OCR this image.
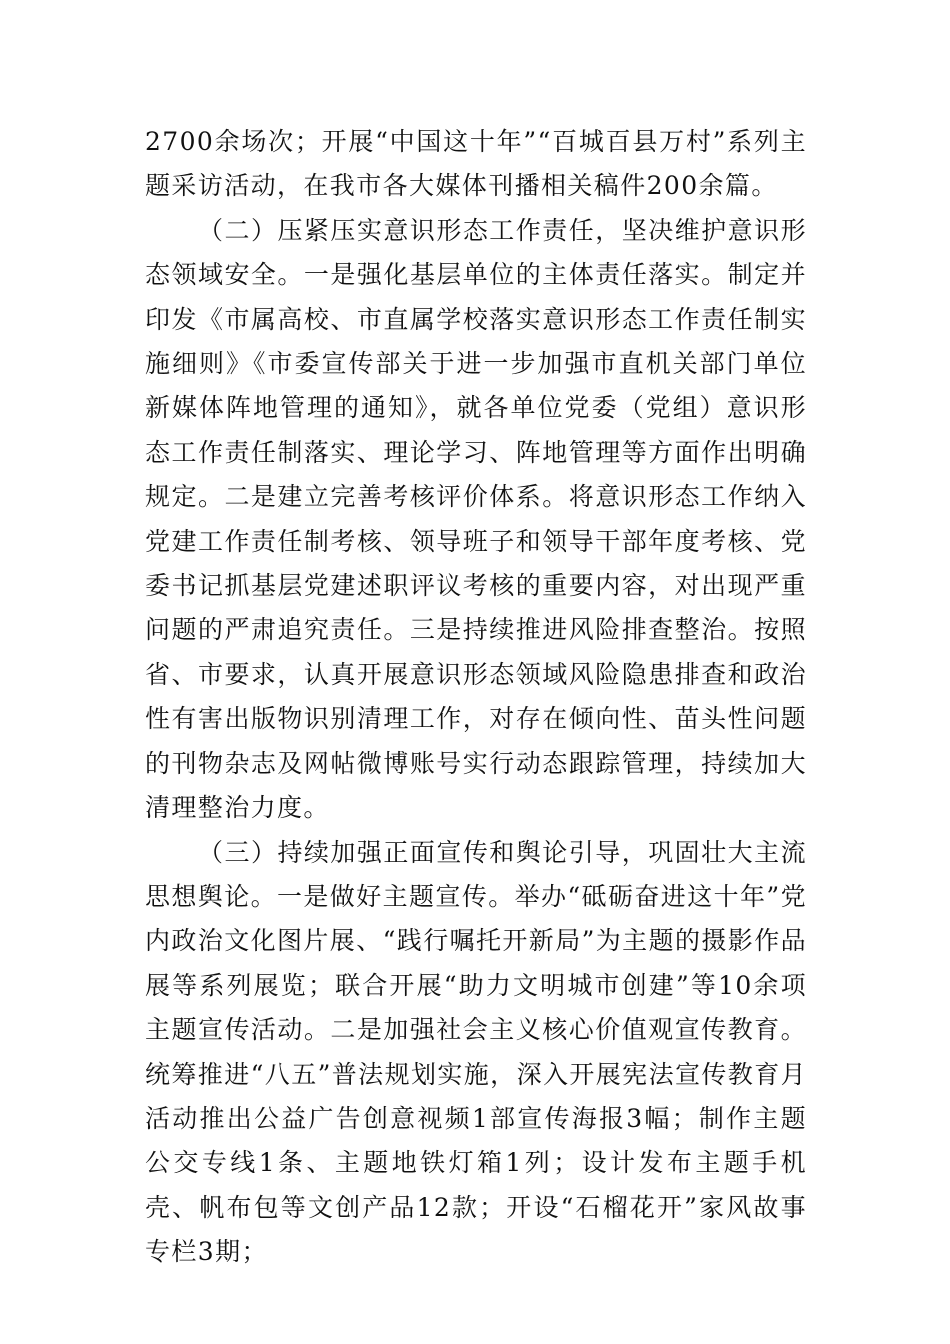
2700余场次；开展“中国这十年”“百城百县万村”系列主题采访活动，在我市各大媒体刊播相关稿件200余篇。

（二）压紧压实意识形态工作责任，坚决维护意识形态领域安全。一是强化基层单位的主体责任落实。制定并印发《市属高校、市直属学校落实意识形态工作责任制实施细则》《市委宣传部关于进一步加强市直机关部门单位新媒体阵地管理的通知》，就各单位党委（党组）意识形态工作责任制落实、理论学习、阵地管理等方面作出明确规定。二是建立完善考核评价体系。将意识形态工作纳入党建工作责任制考核、领导班子和领导干部年度考核、党委书记抓基层党建述职评议考核的重要内容，对出现严重问题的严肃追究责任。三是持续推进风险排查整治。按照省、市要求，认真开展意识形态领域风险隐患排查和政治性有害出版物识别清理工作，对存在倾向性、苗头性问题的刊物杂志及网帖微博账号实行动态跟踪管理，持续加大清理整治力度。

（三）持续加强正面宣传和舆论引导，巩固壮大主流思想舆论。一是做好主题宣传。举办“砥砺奋进这十年”党内政治文化图片展、“践行嘱托开新局”为主题的摄影作品展等系列展览；联合开展“助力文明城市创建”等10余项主题宣传活动。二是加强社会主义核心价值观宣传教育。统筹推进“八五”普法规划实施，深入开展宪法宣传教育月活动推出公益广告创意视频1部宣传海报3幅；制作主题公交专线1条、主题地铁灯箱1列；设计发布主题手机壳、帆布包等文创产品12款；开设“石榴花开”家风故事专栏3期；
